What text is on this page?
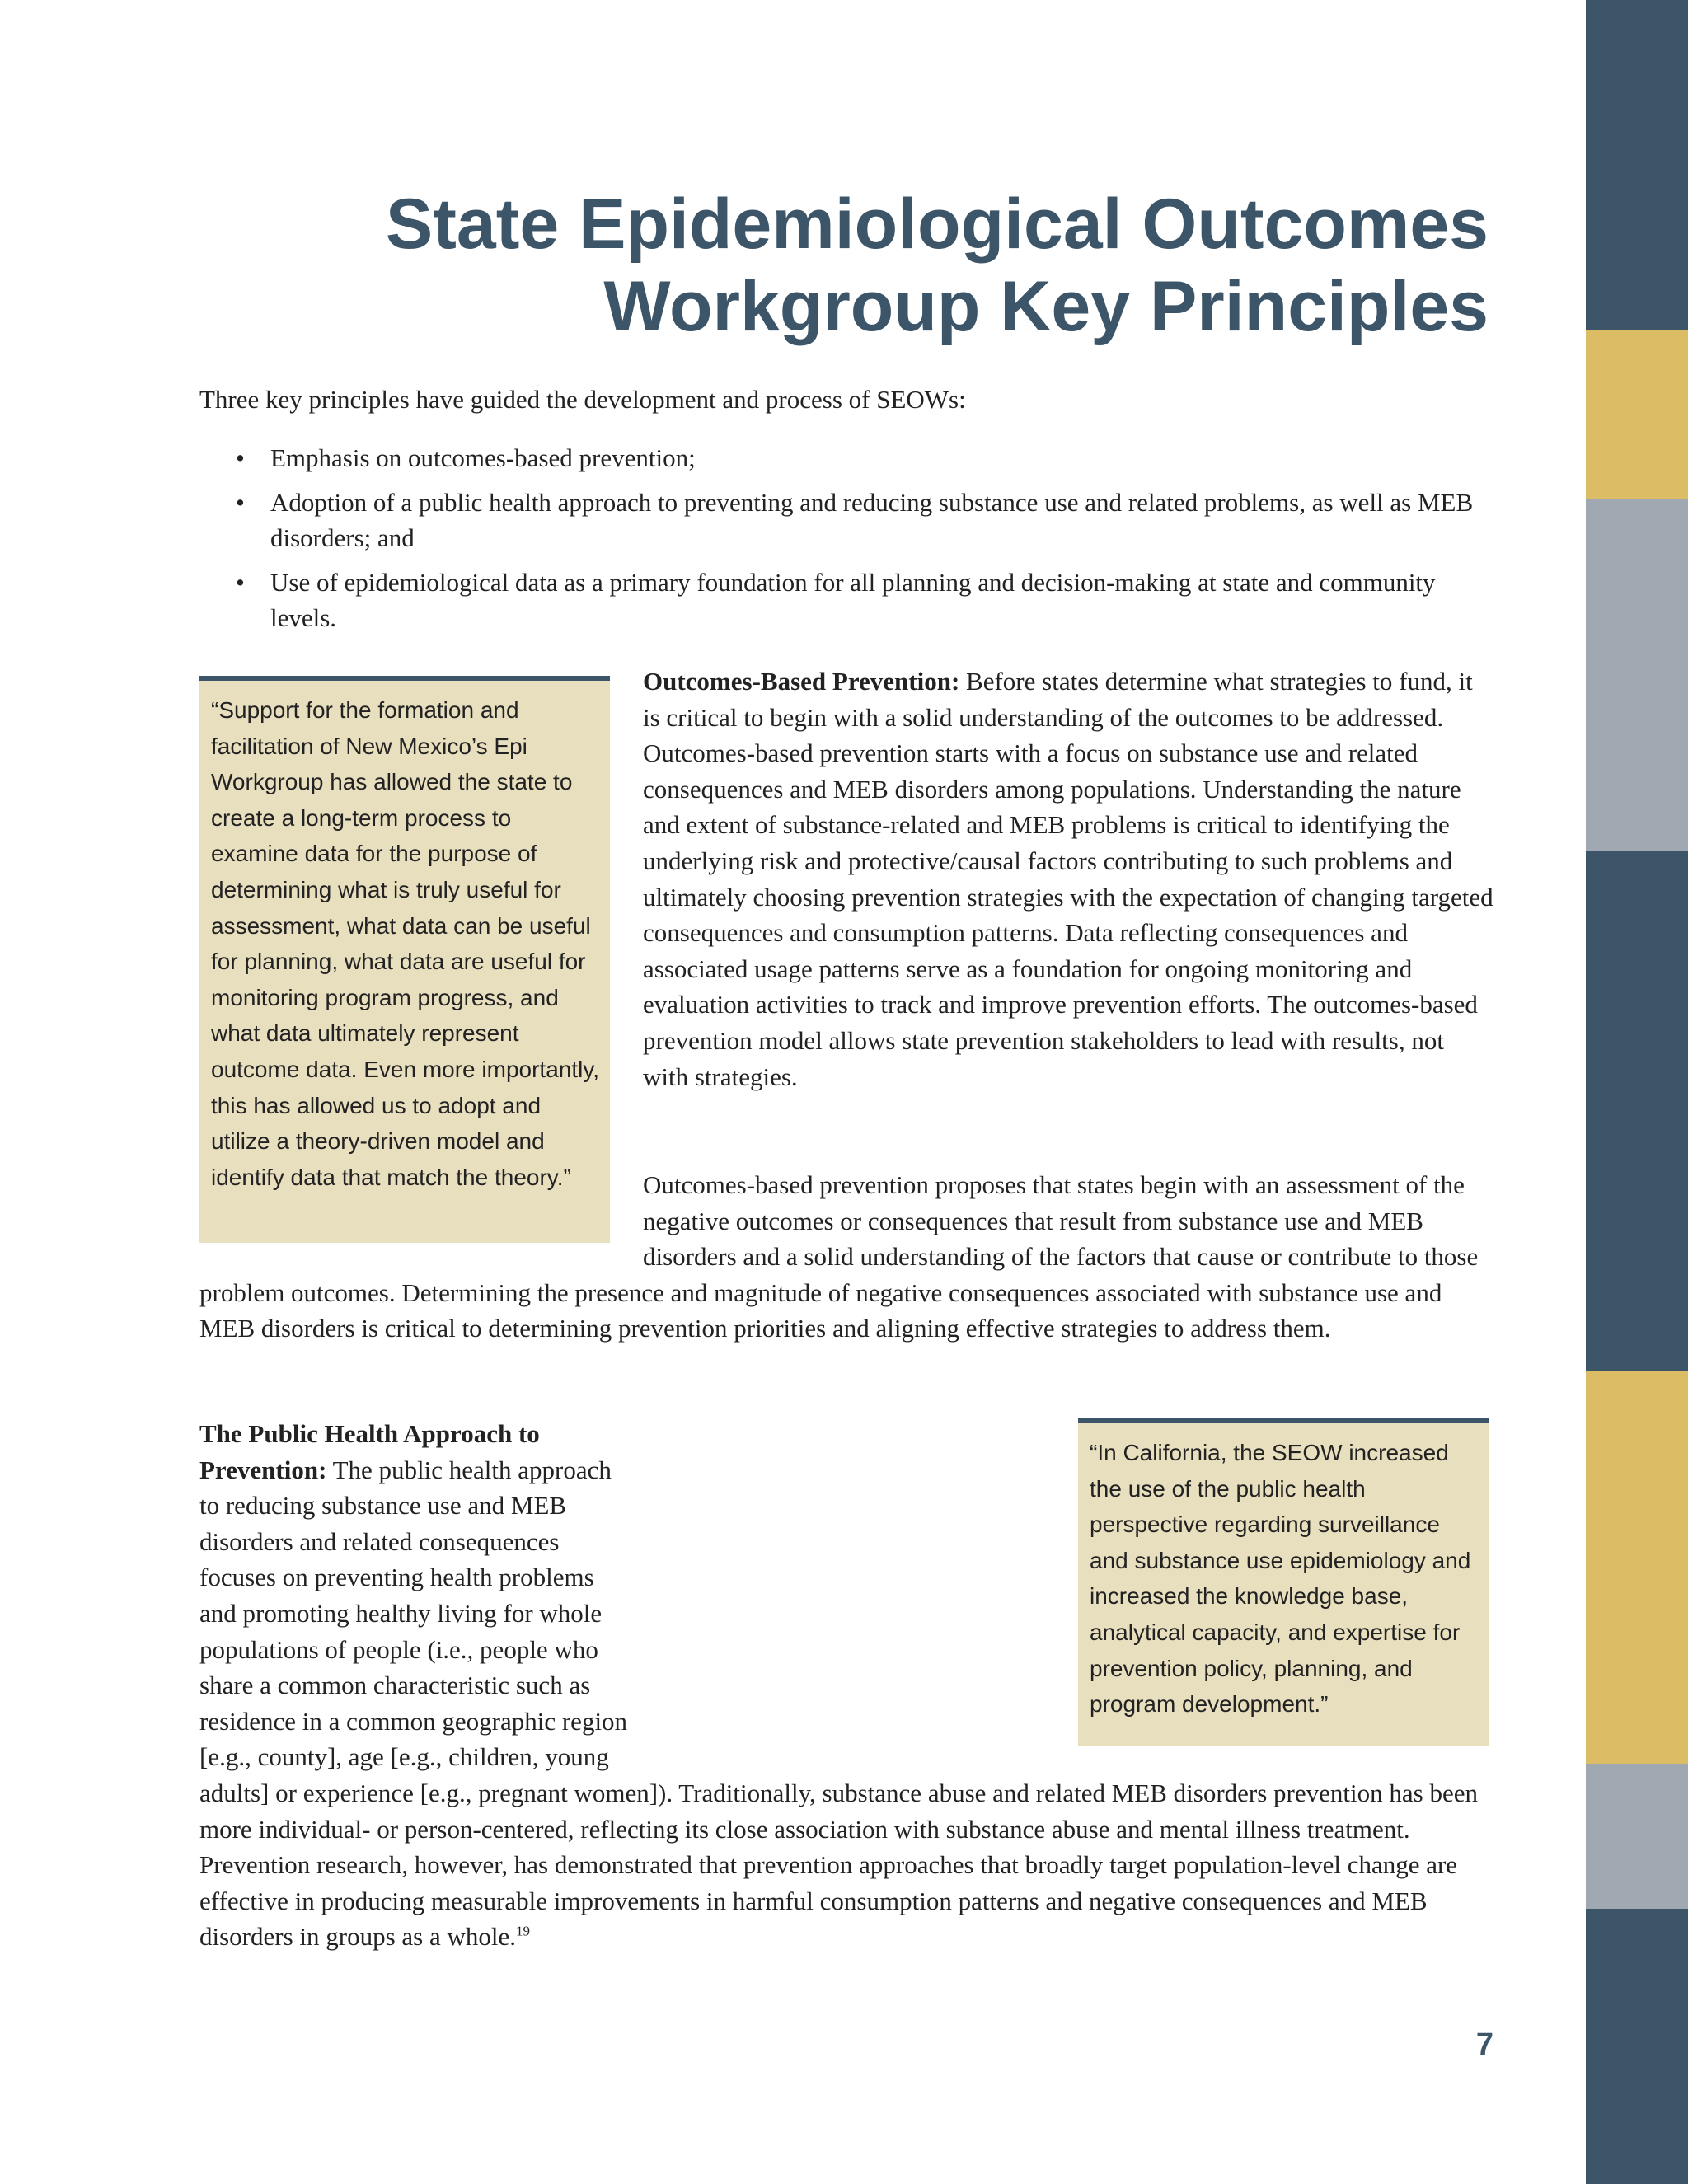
State Epidemiological Outcomes
Workgroup Key Principles

Three key principles have guided the development and process of SEOWs:

• Emphasis on outcomes-based prevention;
• Adoption of a public health approach to preventing and reducing substance use and related problems, as well as MEB disorders; and
• Use of epidemiological data as a primary foundation for all planning and decision-making at state and community levels.
“Support for the formation and facilitation of New Mexico’s Epi Workgroup has allowed the state to create a long-term process to examine data for the purpose of determining what is truly useful for assessment, what data can be useful for planning, what data are useful for monitoring program progress, and what data ultimately represent outcome data. Even more importantly, this has allowed us to adopt and utilize a theory-driven model and identify data that match the theory.”

Outcomes-Based Prevention: Before states determine what strategies to fund, it is critical to begin with a solid understanding of the outcomes to be addressed. Outcomes-based prevention starts with a focus on substance use and related consequences and MEB disorders among populations. Understanding the nature and extent of substance-related and MEB problems is critical to identifying the underlying risk and protective/causal factors contributing to such problems and ultimately choosing prevention strategies with the expectation of changing targeted consequences and consumption patterns. Data reflecting consequences and associated usage patterns serve as a foundation for ongoing monitoring and evaluation activities to track and improve prevention efforts. The outcomes-based prevention model allows state prevention stakeholders to lead with results, not with strategies.

Outcomes-based prevention proposes that states begin with an assessment of the negative outcomes or consequences that result from substance use and MEB disorders and a solid understanding of the factors that cause or contribute to those problem outcomes. Determining the presence and magnitude of negative consequences associated with substance use and MEB disorders is critical to determining prevention priorities and aligning effective strategies to address them.

“In California, the SEOW increased the use of the public health perspective regarding surveillance and substance use epidemiology and increased the knowledge base, analytical capacity, and expertise for prevention policy, planning, and program development.”

The Public Health Approach to Prevention: The public health approach to reducing substance use and MEB disorders and related consequences focuses on preventing health problems and promoting healthy living for whole populations of people (i.e., people who share a common characteristic such as residence in a common geographic region [e.g., county], age [e.g., children, young adults] or experience [e.g., pregnant women]). Traditionally, substance abuse and related MEB disorders prevention has been more individual- or person-centered, reflecting its close association with substance abuse and mental illness treatment. Prevention research, however, has demonstrated that prevention approaches that broadly target population-level change are effective in producing measurable improvements in harmful consumption patterns and negative consequences and MEB disorders in groups as a whole.$^{19}$

7
